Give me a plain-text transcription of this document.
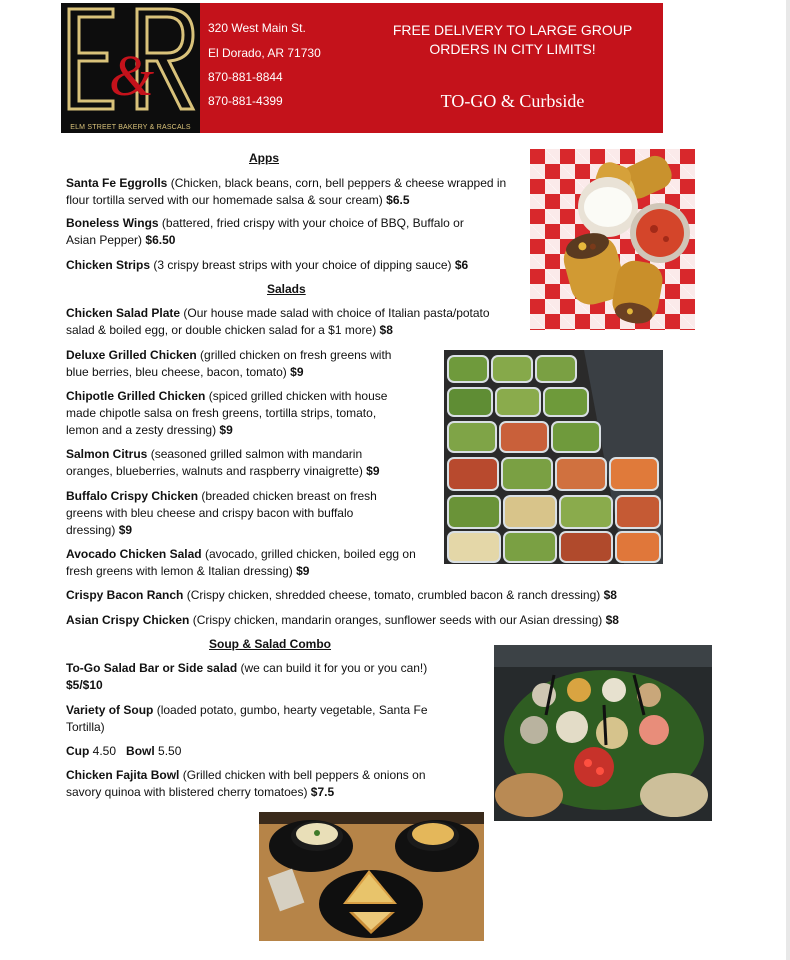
&
ELM STREET BAKERY & RASCALS
320 West Main St.
El Dorado, AR 71730
870-881-8844
870-881-4399
FREE DELIVERY TO LARGE GROUP ORDERS IN CITY LIMITS!
TO-GO & Curbside
Apps
Salads
Soup & Salad Combo
Santa Fe Eggrolls (Chicken, black beans, corn, bell peppers & cheese wrapped in flour tortilla served with our homemade salsa & sour cream) $6.5
Boneless Wings (battered, fried crispy with your choice of BBQ, Buffalo or Asian Pepper) $6.50
Chicken Strips (3 crispy breast strips with your choice of dipping sauce) $6
Chicken Salad Plate (Our house made salad with choice of Italian pasta/potato salad & boiled egg, or double chicken salad for a $1 more) $8
Deluxe Grilled Chicken (grilled chicken on fresh greens with blue berries, bleu cheese, bacon, tomato) $9
Chipotle Grilled Chicken (spiced grilled chicken with house made chipotle salsa on fresh greens, tortilla strips, tomato, lemon and a zesty dressing) $9
Salmon Citrus (seasoned grilled salmon with mandarin oranges, blueberries, walnuts and raspberry vinaigrette) $9
Buffalo Crispy Chicken (breaded chicken breast on fresh greens with bleu cheese and crispy bacon with buffalo dressing) $9
Avocado Chicken Salad (avocado, grilled chicken, boiled egg on fresh greens with lemon & Italian dressing) $9
Crispy Bacon Ranch (Crispy chicken, shredded cheese, tomato, crumbled bacon & ranch dressing) $8
Asian Crispy Chicken (Crispy chicken, mandarin oranges, sunflower seeds with our Asian dressing) $8
To-Go Salad Bar or Side salad (we can build it for you or you can!) $5/$10
Variety of Soup (loaded potato, gumbo, hearty vegetable, Santa Fe Tortilla)
Cup 4.50   Bowl 5.50
Chicken Fajita Bowl (Grilled chicken with bell peppers & onions on savory quinoa with blistered cherry tomatoes) $7.5
